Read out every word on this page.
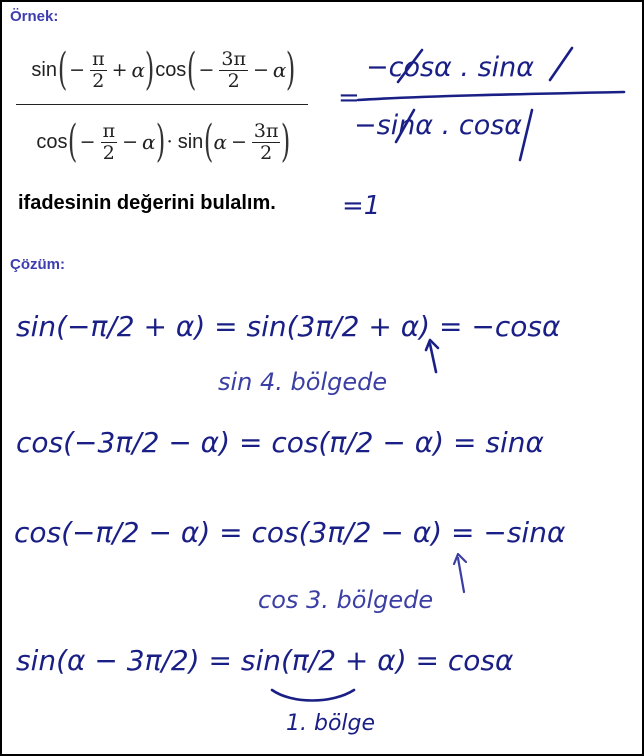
Örnek:
sin ( − $\frac{\pi}{2} + \alpha$ ) cos ( − $\frac{3\pi}{2} - \alpha$ )
cos ( − $\frac{\pi}{2} - \alpha$ ) · sin ( $\alpha - \frac{3\pi}{2}$ )
ifadesinin değerini bulalım.
Çözüm:
=
−cosα . sinα
−sinα . cosα
=1
sin(−π/2 + α) = sin(3π/2 + α) = −cosα
sin 4. bölgede
cos(−3π/2 − α) = cos(π/2 − α) = sinα
cos(−π/2 − α) = cos(3π/2 − α) = −sinα
cos 3. bölgede
sin(α − 3π/2) = sin(π/2 + α) = cosα
1. bölge
